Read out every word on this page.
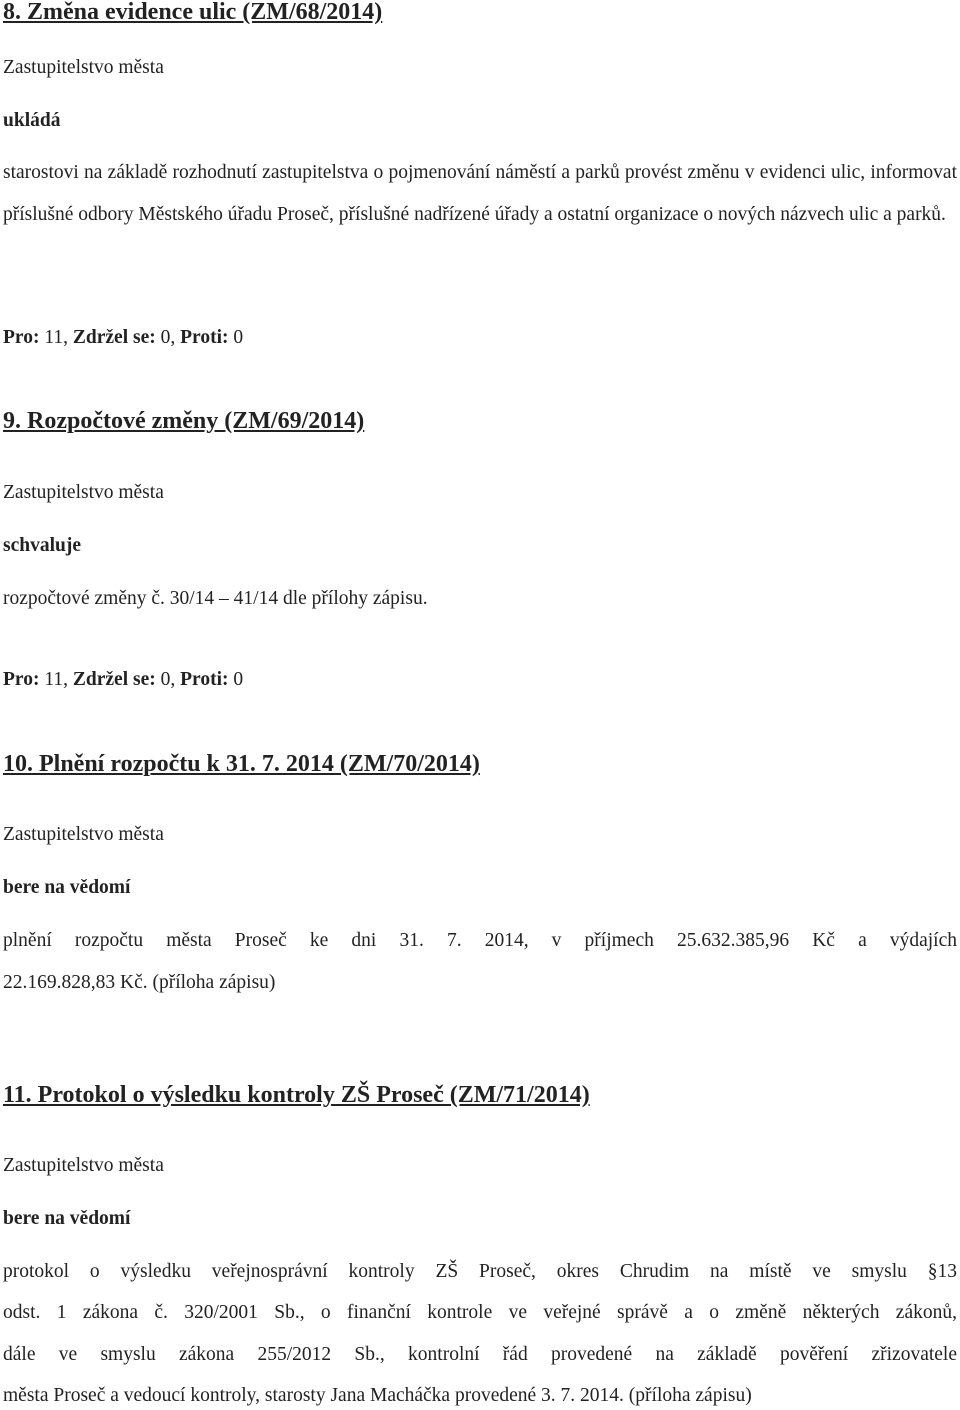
8. Změna evidence ulic (ZM/68/2014)
Zastupitelstvo města
ukládá
starostovi na základě rozhodnutí zastupitelstva o pojmenování náměstí a parků provést změnu v evidenci ulic, informovat příslušné odbory Městského úřadu Proseč, příslušné nadřízené úřady a ostatní organizace o nových názvech ulic a parků.
Pro: 11, Zdržel se: 0, Proti: 0
9. Rozpočtové změny (ZM/69/2014)
Zastupitelstvo města
schvaluje
rozpočtové změny č. 30/14 – 41/14 dle přílohy zápisu.
Pro: 11, Zdržel se: 0, Proti: 0
10. Plnění rozpočtu k 31. 7. 2014 (ZM/70/2014)
Zastupitelstvo města
bere na vědomí
plnění rozpočtu města Proseč ke dni 31. 7. 2014, v příjmech 25.632.385,96 Kč a výdajích
22.169.828,83 Kč. (příloha zápisu)
11. Protokol o výsledku kontroly ZŠ Proseč (ZM/71/2014)
Zastupitelstvo města
bere na vědomí
protokol o výsledku veřejnosprávní kontroly ZŠ Proseč, okres Chrudim na místě ve smyslu §13
odst. 1 zákona č. 320/2001 Sb., o finanční kontrole ve veřejné správě a o změně některých zákonů,
dále ve smyslu zákona 255/2012 Sb., kontrolní řád provedené na základě pověření zřizovatele
města Proseč a vedoucí kontroly, starosty Jana Macháčka provedené 3. 7. 2014. (příloha zápisu)
